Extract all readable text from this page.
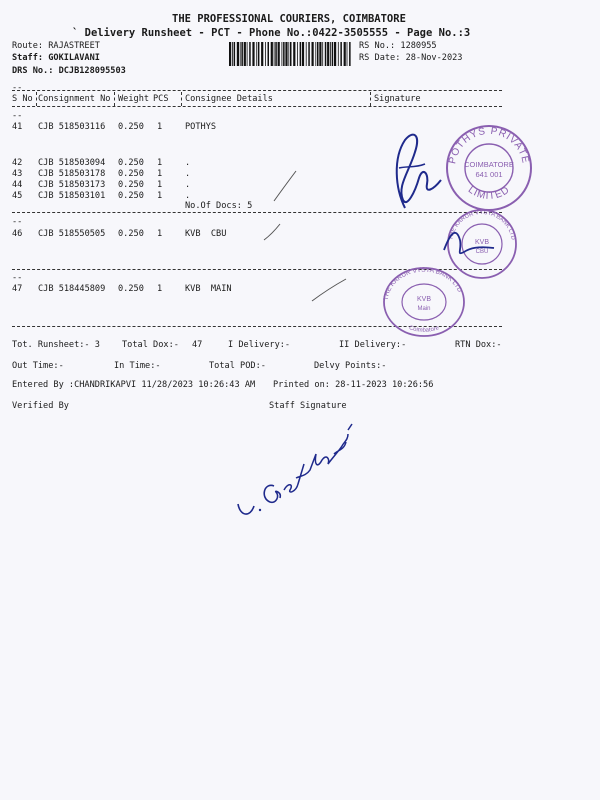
THE PROFESSIONAL COURIERS, COIMBATORE
` Delivery Runsheet - PCT - Phone No.:0422-3505555 - Page No.:3
Route: RAJASTREET
Staff: GOKILAVANI
DRS No.: DCJB128095503
RS No.: 1280955
RS Date: 28-Nov-2023
--
S No Consignment No Weight PCS Consignee Details	Signature
--
41 CJB 518503116 0.250 1	POTHYS
42 CJB 518503094 0.250 1	.
43 CJB 518503178 0.250 1	.
44 CJB 518503173 0.250 1	.
45 CJB 518503101 0.250 1	.
No.Of Docs: 5
--
46 CJB 518550505 0.250 1	KVB  CBU
--
47 CJB 518445809 0.250 1	KVB  MAIN
Tot. Runsheet:- 3	Total Dox:- 47	I Delivery:-	II Delivery:-	RTN Dox:-
Out Time:-	In Time:-	Total POD:-	Delvy Points:-
Entered By :CHANDRIKAPVI 11/28/2023 10:26:43 AM Printed on: 28-11-2023 10:26:56
Verified By	Staff Signature
POTHYS PRIVATE
LIMITED
COIMBATORE
641 001
THE KARUR VYSYA BANK LTD
KVB
CBU
THE KARUR VYSYA BANK LTD
Coimbatore
KVB
Main
